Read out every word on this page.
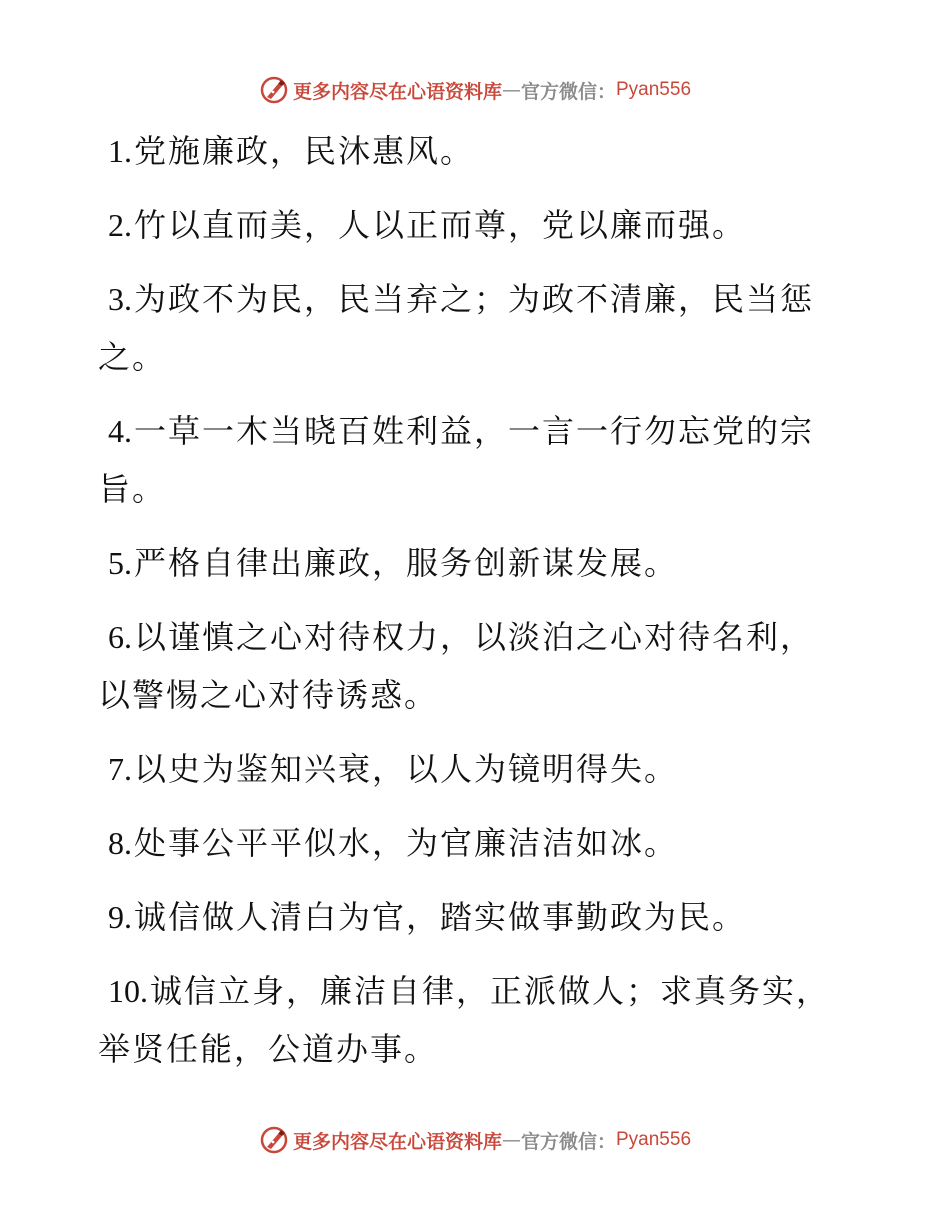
更多内容尽在心语资料库 — 官方微信： Pyan556

1.党施廉政，民沐惠风。

2.竹以直而美，人以正而尊，党以廉而强。

3.为政不为民，民当弃之；为政不清廉，民当惩之。

4.一草一木当晓百姓利益，一言一行勿忘党的宗旨。

5.严格自律出廉政，服务创新谋发展。

6.以谨慎之心对待权力，以淡泊之心对待名利，以警惕之心对待诱惑。

7.以史为鉴知兴衰，以人为镜明得失。

8.处事公平平似水，为官廉洁洁如冰。

9.诚信做人清白为官，踏实做事勤政为民。

10.诚信立身，廉洁自律，正派做人；求真务实，举贤任能，公道办事。

更多内容尽在心语资料库 — 官方微信： Pyan556
